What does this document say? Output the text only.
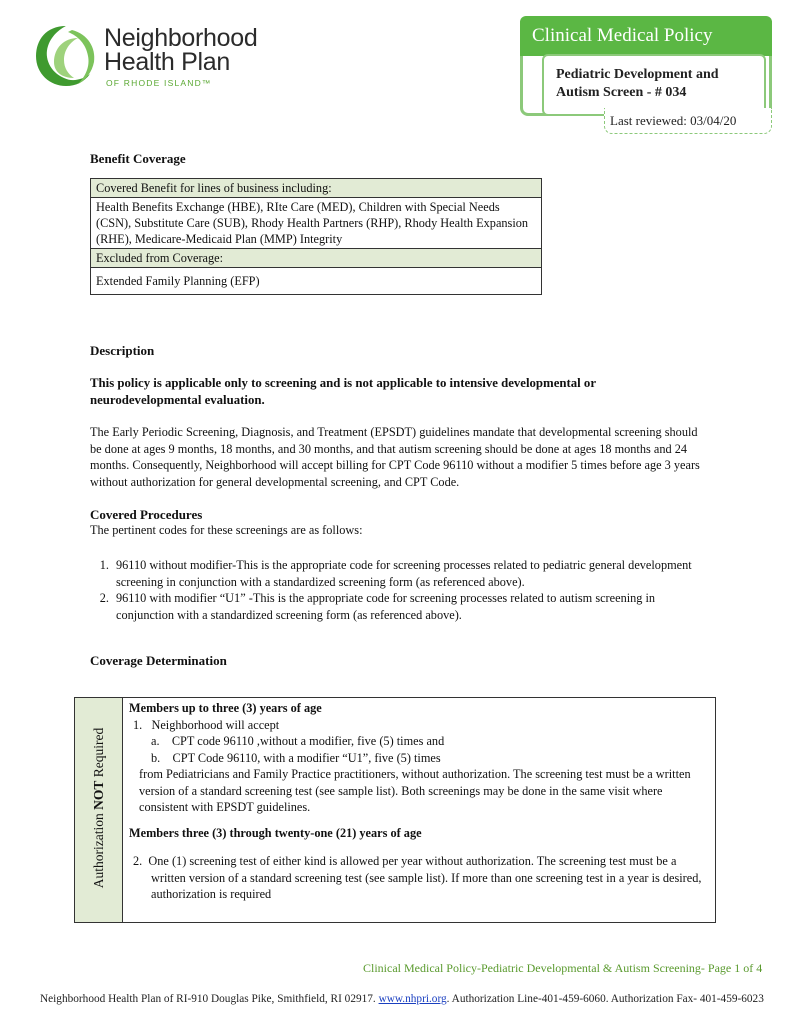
Neighborhood
Health Plan
OF RHODE ISLAND™
Clinical Medical Policy
Pediatric Development and Autism Screen - # 034
Last reviewed: 03/04/20
Benefit Coverage
Covered Benefit for lines of business including:
Health Benefits Exchange (HBE), RIte Care (MED), Children with Special Needs (CSN), Substitute Care (SUB), Rhody Health Partners (RHP), Rhody Health Expansion (RHE), Medicare-Medicaid Plan (MMP) Integrity
Excluded from Coverage:
Extended Family Planning (EFP)
Description
This policy is applicable only to screening and is not applicable to intensive developmental or neurodevelopmental evaluation.
The Early Periodic Screening, Diagnosis, and Treatment (EPSDT) guidelines mandate that developmental screening should be done at ages 9 months, 18 months, and 30 months, and that autism screening should be done at ages 18 months and 24 months. Consequently, Neighborhood will accept billing for CPT Code 96110 without a modifier 5 times before age 3 years without authorization for general developmental screening, and CPT Code.
Covered Procedures
The pertinent codes for these screenings are as follows:
1. 96110 without modifier-This is the appropriate code for screening processes related to pediatric general development screening in conjunction with a standardized screening form (as referenced above).
2. 96110 with modifier “U1” -This is the appropriate code for screening processes related to autism screening in conjunction with a standardized screening form (as referenced above).
Coverage Determination
Authorization NOT Required
Members up to three (3) years of age
1. Neighborhood will accept
a. CPT code 96110 ,without a modifier, five (5) times and
b. CPT Code 96110, with a modifier “U1”, five (5) times
from Pediatricians and Family Practice practitioners, without authorization. The screening test must be a written version of a standard screening test (see sample list). Both screenings may be done in the same visit where consistent with EPSDT guidelines.
Members three (3) through twenty-one (21) years of age
2. One (1) screening test of either kind is allowed per year without authorization. The screening test must be a written version of a standard screening test (see sample list). If more than one screening test in a year is desired, authorization is required
Clinical Medical Policy-Pediatric Developmental & Autism Screening- Page 1 of 4
Neighborhood Health Plan of RI-910 Douglas Pike, Smithfield, RI 02917. www.nhpri.org. Authorization Line-401-459-6060. Authorization Fax- 401-459-6023
